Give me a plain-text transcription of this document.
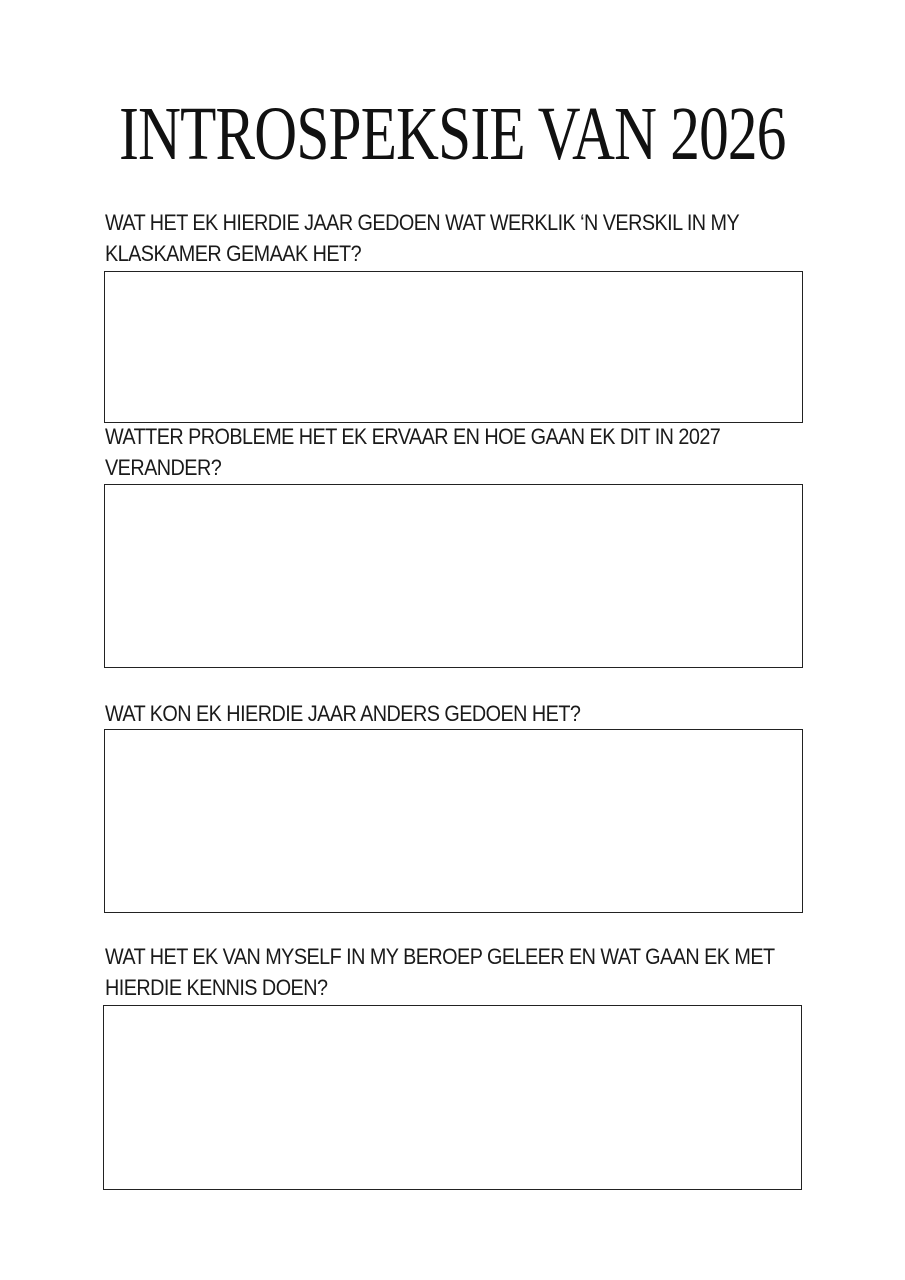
INTROSPEKSIE VAN 2026

WAT HET EK HIERDIE JAAR GEDOEN WAT WERKLIK ‘N VERSKIL IN MY KLASKAMER GEMAAK HET?

WATTER PROBLEME HET EK ERVAAR EN HOE GAAN EK DIT IN 2027 VERANDER?

WAT KON EK HIERDIE JAAR ANDERS GEDOEN HET?

WAT HET EK VAN MYSELF IN MY BEROEP GELEER EN WAT GAAN EK MET HIERDIE KENNIS DOEN?
